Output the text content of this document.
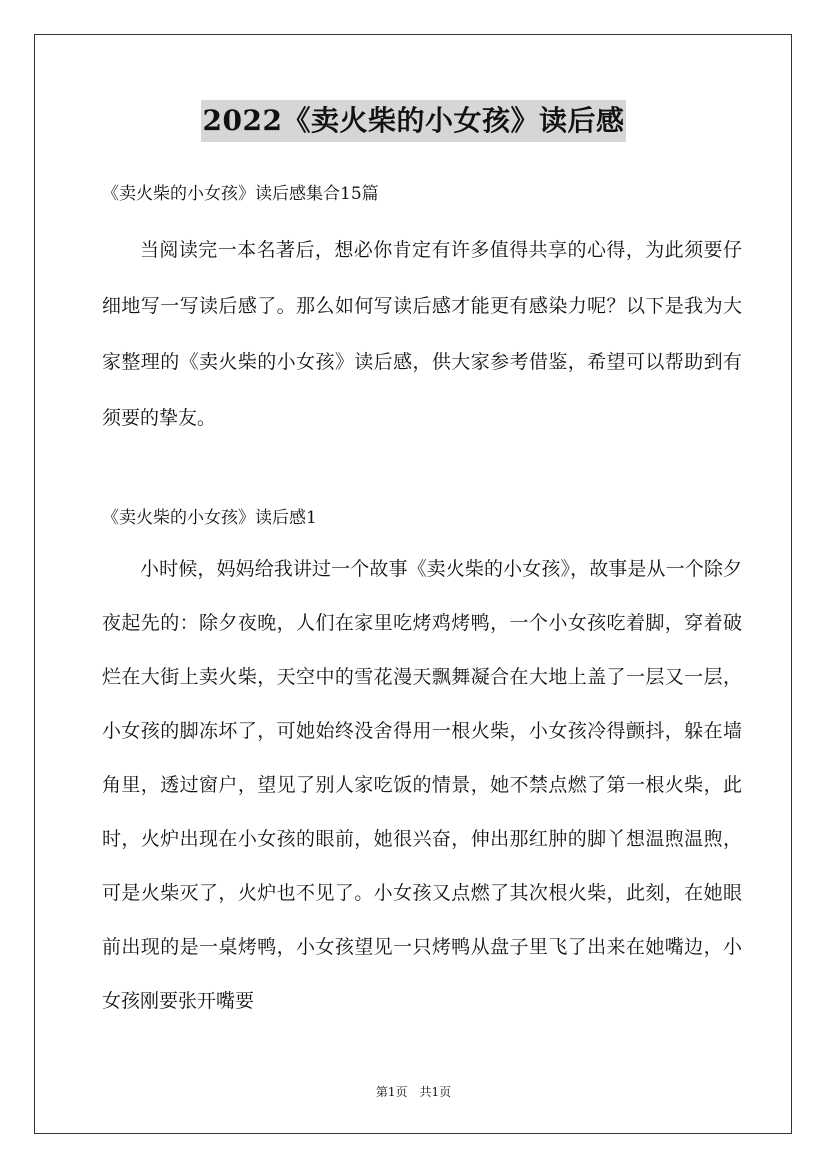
2022《卖火柴的小女孩》读后感
《卖火柴的小女孩》读后感集合15篇
当阅读完一本名著后，想必你肯定有许多值得共享的心得，为此须要仔细地写一写读后感了。那么如何写读后感才能更有感染力呢？以下是我为大家整理的《卖火柴的小女孩》读后感，供大家参考借鉴，希望可以帮助到有须要的挚友。
《卖火柴的小女孩》读后感1
小时候，妈妈给我讲过一个故事《卖火柴的小女孩》，故事是从一个除夕夜起先的：除夕夜晚，人们在家里吃烤鸡烤鸭，一个小女孩吃着脚，穿着破烂在大街上卖火柴，天空中的雪花漫天飘舞凝合在大地上盖了一层又一层，小女孩的脚冻坏了，可她始终没舍得用一根火柴，小女孩冷得颤抖，躲在墙角里，透过窗户，望见了别人家吃饭的情景，她不禁点燃了第一根火柴，此时，火炉出现在小女孩的眼前，她很兴奋，伸出那红肿的脚丫想温煦温煦，可是火柴灭了，火炉也不见了。小女孩又点燃了其次根火柴，此刻，在她眼前出现的是一桌烤鸭，小女孩望见一只烤鸭从盘子里飞了出来在她嘴边，小女孩刚要张开嘴要
第1页　共1页
